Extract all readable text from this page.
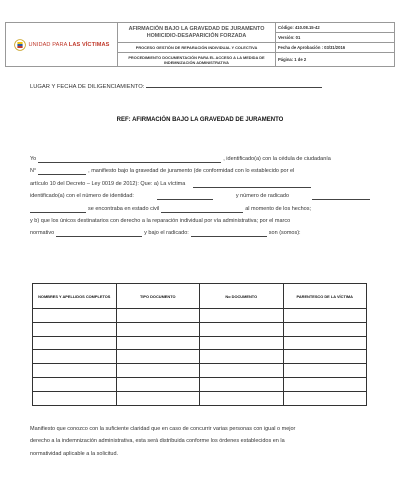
UNIDAD PARA LAS VÍCTIMAS
AFIRMACIÓN BAJO LA GRAVEDAD DE JURAMENTO
HOMICIDIO-DESAPARICIÓN FORZADA
PROCESO GESTIÓN DE REPARACIÓN INDIVIDUAL Y COLECTIVA
PROCEDIMIENTO DOCUMENTACIÓN PARA EL ACCESO A LA MEDIDA DE
INDEMNIZACIÓN ADMINISTRATIVA
Código: 410.08.15-42
Versión: 01
Fecha de Aprobación : 03/31/2016
Página: 1 de 2
LUGAR Y FECHA DE DILIGENCIAMIENTO:
REF: AFIRMACIÓN BAJO LA GRAVEDAD DE JURAMENTO
Yo	, identificado(a) con la cédula de ciudadanía
N°	, manifiesto bajo la gravedad de juramento (de conformidad con lo establecido por el
artículo 10 del Decreto – Ley 0019 de 2012): Que: a) La víctima
identificado(a) con el número de identidad:	y número de radicado
se encontraba en estado civil	al momento de los hechos;
y b) que los únicos destinatarios con derecho a la reparación individual por vía administrativa; por el marco
normativo	y bajo el radicado:	son (somos):
NOMBRES Y APELLIDOS COMPLETOS	TIPO DOCUMENTO	No DOCUMENTO	PARENTESCO DE LA VÍCTIMA

Manifiesto que conozco con la suficiente claridad que en caso de concurrir varias personas con igual o mejor
derecho a la indemnización administrativa, esta será distribuida conforme los órdenes establecidos en la
normatividad aplicable a la solicitud.
